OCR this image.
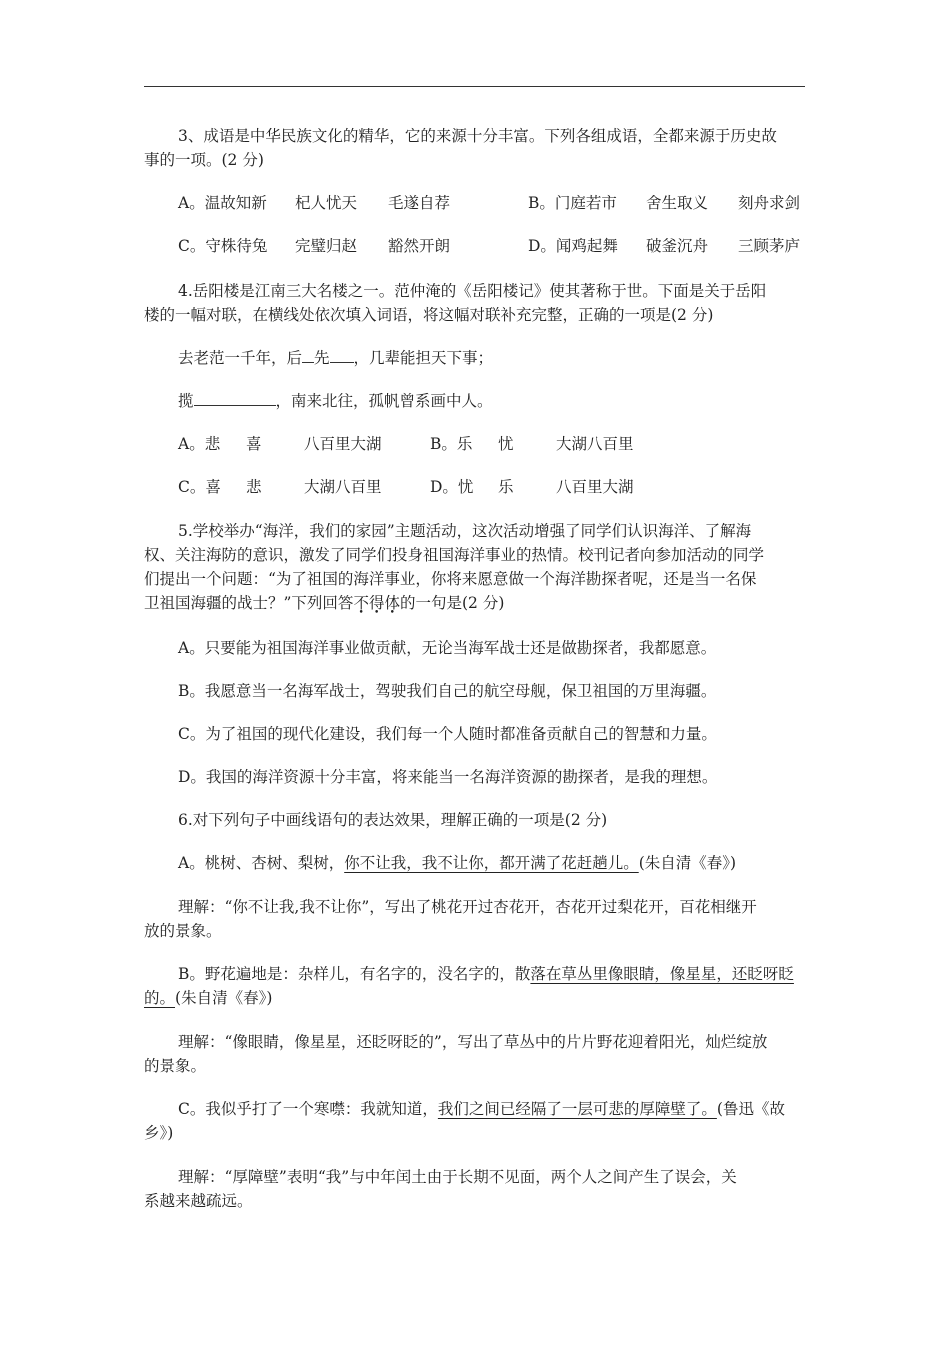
3、成语是中华民族文化的精华，它的来源十分丰富。下列各组成语，全都来源于历史故
事的一项。(2 分)
A。温故知新 杞人忧天 毛遂自荐	B。门庭若市 舍生取义 刻舟求剑
C。守株待兔 完璧归赵 豁然开朗	D。闻鸡起舞 破釜沉舟 三顾茅庐
4.岳阳楼是江南三大名楼之一。范仲淹的《岳阳楼记》使其著称于世。下面是关于岳阳
楼的一幅对联，在横线处依次填入词语，将这幅对联补充完整，正确的一项是(2 分)
去老范一千年，后 先 ，几辈能担天下事；
揽	，南来北往，孤帆曾系画中人。
A。悲 喜	八百里大湖	B。乐 忧	大湖八百里
C。喜 悲	大湖八百里	D。忧 乐	八百里大湖
5.学校举办“海洋，我们的家园”主题活动，这次活动增强了同学们认识海洋、了解海
权、关注海防的意识，激发了同学们投身祖国海洋事业的热情。校刊记者向参加活动的同学
们提出一个问题：“为了祖国的海洋事业，你将来愿意做一个海洋勘探者呢，还是当一名保
卫祖国海疆的战士？”下列回答不得体的一句是(2 分)
A。只要能为祖国海洋事业做贡献，无论当海军战士还是做勘探者，我都愿意。
B。我愿意当一名海军战士，驾驶我们自己的航空母舰，保卫祖国的万里海疆。
C。为了祖国的现代化建设，我们每一个人随时都准备贡献自己的智慧和力量。
D。我国的海洋资源十分丰富，将来能当一名海洋资源的勘探者，是我的理想。
6.对下列句子中画线语句的表达效果，理解正确的一项是(2 分)
A。桃树、杏树、梨树，你不让我，我不让你，都开满了花赶趟儿。(朱自清《春》)
理解：“你不让我,我不让你”，写出了桃花开过杏花开，杏花开过梨花开，百花相继开
放的景象。
B。野花遍地是：杂样儿，有名字的，没名字的，散落在草丛里像眼睛，像星星，还眨呀眨
的。(朱自清《春》)
理解：“像眼睛，像星星，还眨呀眨的”，写出了草丛中的片片野花迎着阳光，灿烂绽放
的景象。
C。我似乎打了一个寒噤：我就知道，我们之间已经隔了一层可悲的厚障壁了。(鲁迅《故
乡》)
理解：“厚障壁”表明“我”与中年闰土由于长期不见面，两个人之间产生了误会，关
系越来越疏远。
